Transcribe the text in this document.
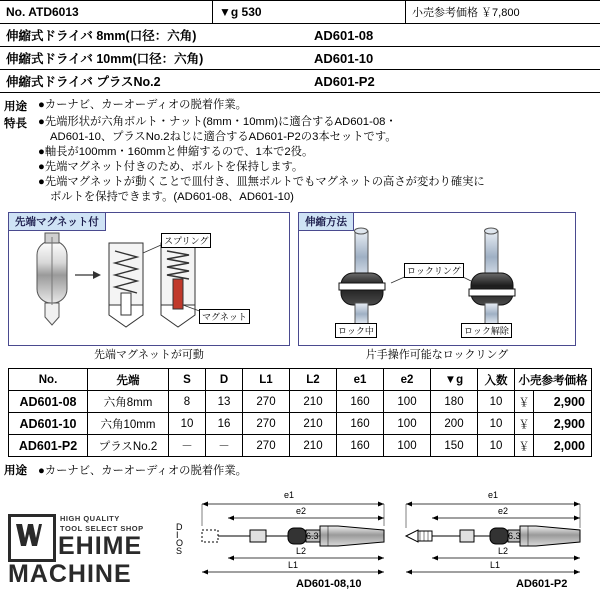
No. ATD6013	▼g 530	小売参考価格 ￥7,800
伸縮式ドライバ 8mm(口径：六角)	AD601-08
伸縮式ドライバ 10mm(口径：六角)	AD601-10
伸縮式ドライバ プラスNo.2	AD601-P2
用途 ●カーナビ、カーオーディオの脱着作業。
特長 ●先端形状が六角ボルト・ナット(8mm・10mm)に適合するAD601-08・
AD601-10、プラスNo.2ねじに適合するAD601-P2の3本セットです。
●軸長が100mm・160mmと伸縮するので、1本で2役。
●先端マグネット付きのため、ボルトを保持します。
●先端マグネットが動くことで皿付き、皿無ボルトでもマグネットの高さが変わり確実に
ボルトを保持できます。(AD601-08、AD601-10)
先端マグネット付
スプリング
マグネット
伸縮方法
ロックリング
ロック中	ロック解除
先端マグネットが可動	片手操作可能なロックリング
No.	先端	S	D	L1	L2	e1	e2	▼g	入数	小売参考価格	
AD601-08	六角8mm	8	13	270	210	160	100	180	10	￥	2,900
AD601-10	六角10mm	10	16	270	210	160	100	200	10	￥	2,900
AD601-P2	プラスNo.2	－	－	270	210	160	100	150	10	￥	2,000
用途 ●カーナビ、カーオーディオの脱着作業。
HIGH QUALITY
TOOL SELECT SHOP
EHIME
MACHINE
e1
e2
L2
L1
6.3
D
I
O
S
AD601-08,10
e1
e2
L2
L1
6.3
AD601-P2
